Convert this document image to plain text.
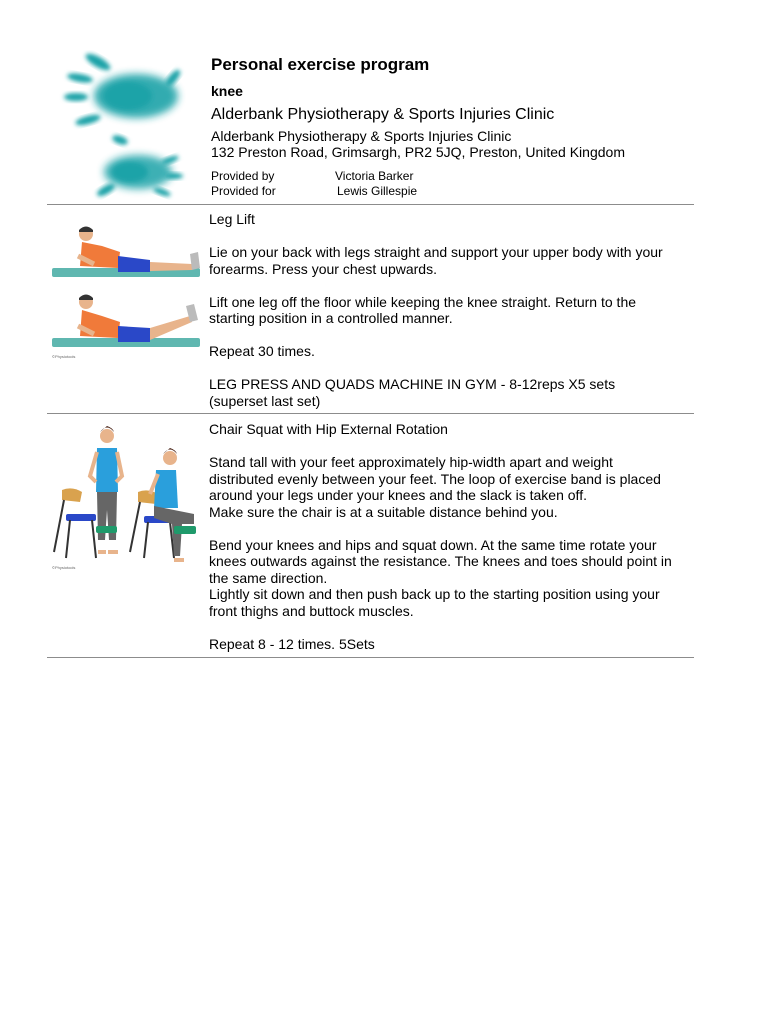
Personal exercise program

knee

Alderbank Physiotherapy & Sports Injuries Clinic

Alderbank Physiotherapy & Sports Injuries Clinic

132 Preston Road, Grimsargh, PR2 5JQ, Preston, United Kingdom

Provided by	Victoria Barker
Provided for	Lewis Gillespie
©Physiotools

Leg Lift

Lie on your back with legs straight and support your upper body with your
forearms. Press your chest upwards.

Lift one leg off the floor while keeping the knee straight. Return to the
starting position in a controlled manner.

Repeat 30 times.

LEG PRESS AND QUADS MACHINE IN GYM - 8-12reps X5 sets
(superset last set)

©Physiotools

Chair Squat with Hip External Rotation

Stand tall with your feet approximately hip-width apart and weight
distributed evenly between your feet. The loop of exercise band is placed
around your legs under your knees and the slack is taken off.
Make sure the chair is at a suitable distance behind you.

Bend your knees and hips and squat down. At the same time rotate your
knees outwards against the resistance. The knees and toes should point in
the same direction.
Lightly sit down and then push back up to the starting position using your
front thighs and buttock muscles.

Repeat 8 - 12 times. 5Sets
